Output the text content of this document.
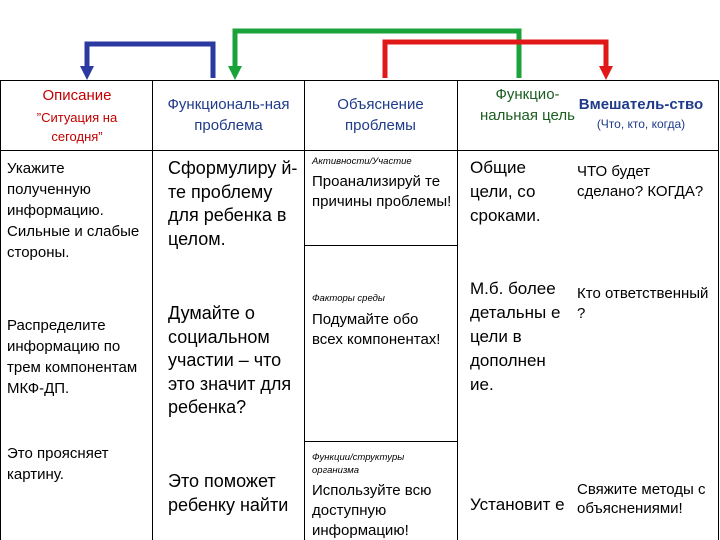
Описание
”Ситуация на сегодня”
Функциональ-ная проблема
Объяснение проблемы
Функцио-нальная цель
Вмешатель-ство
(Что, кто, когда)
Укажите полученную информацию. Сильные и слабые стороны.
Распределите информацию по трем компонентам МКФ-ДП.
Это проясняет картину.
Сформулиру й-те проблему для ребенка в целом.
Думайте о социальном участии – что это значит для ребенка?
Это поможет ребенку найти
Активности/Участие
Проанализируй те причины проблемы!
Факторы среды
Подумайте обо всех компонентах!
Функции/структуры организма
Используйте всю доступную информацию!
Общие цели, со сроками.
М.б. более детальны е цели в дополнен ие.
Установит е
ЧТО будет сделано? КОГДА?
Кто ответственный ?
Свяжите методы с объяснениями!
